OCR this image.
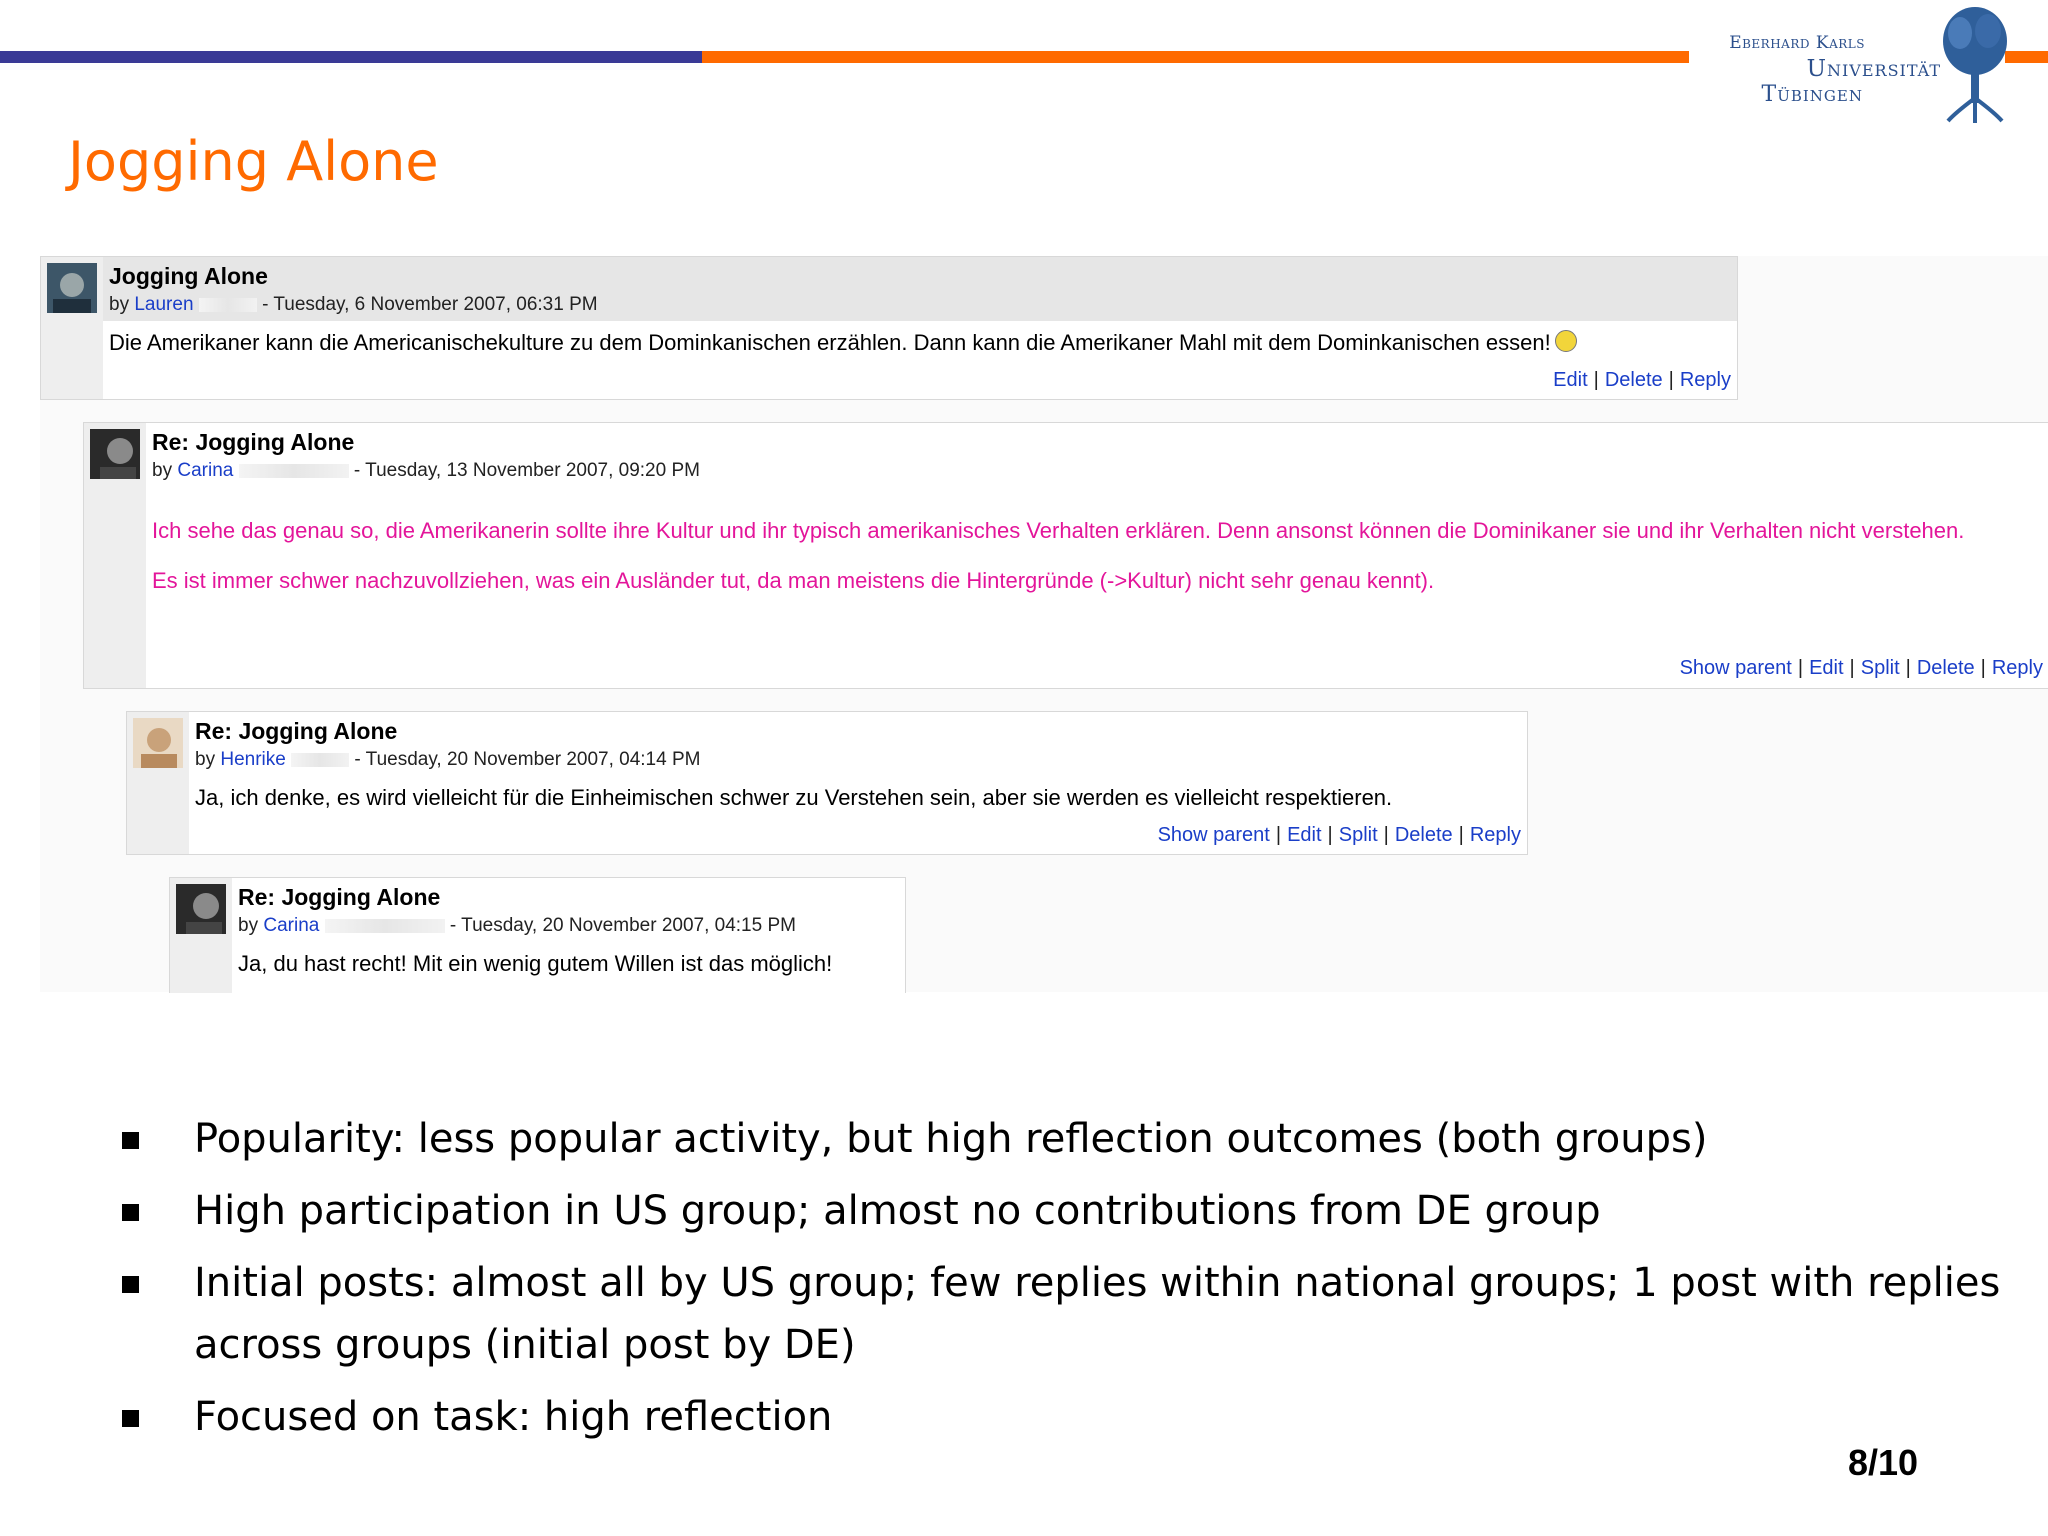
Eberhard Karls
Universität
Tübingen
Jogging Alone
Jogging Alone
by Lauren	- Tuesday, 6 November 2007, 06:31 PM
Die Amerikaner kann die Americanischekulture zu dem Dominkanischen erzählen. Dann kann die Amerikaner Mahl mit dem Dominkanischen essen!
Edit | Delete | Reply
Re: Jogging Alone
by Carina	- Tuesday, 13 November 2007, 09:20 PM

Ich sehe das genau so, die Amerikanerin sollte ihre Kultur und ihr typisch amerikanisches Verhalten erklären. Denn ansonst können die Dominikaner sie und ihr Verhalten nicht verstehen.

Es ist immer schwer nachzuvollziehen, was ein Ausländer tut, da man meistens die Hintergründe (->Kultur) nicht sehr genau kennt).

Show parent | Edit | Split | Delete | Reply
Re: Jogging Alone
by Henrike	- Tuesday, 20 November 2007, 04:14 PM
Ja, ich denke, es wird vielleicht für die Einheimischen schwer zu Verstehen sein, aber sie werden es vielleicht respektieren.
Show parent | Edit | Split | Delete | Reply
Re: Jogging Alone
by Carina	- Tuesday, 20 November 2007, 04:15 PM
Ja, du hast recht! Mit ein wenig gutem Willen ist das möglich!
Popularity: less popular activity, but high reflection outcomes (both groups)
High participation in US group; almost no contributions from DE group
Initial posts: almost all by US group; few replies within national groups; 1 post with replies across groups (initial post by DE)
Focused on task: high reflection
8/10
